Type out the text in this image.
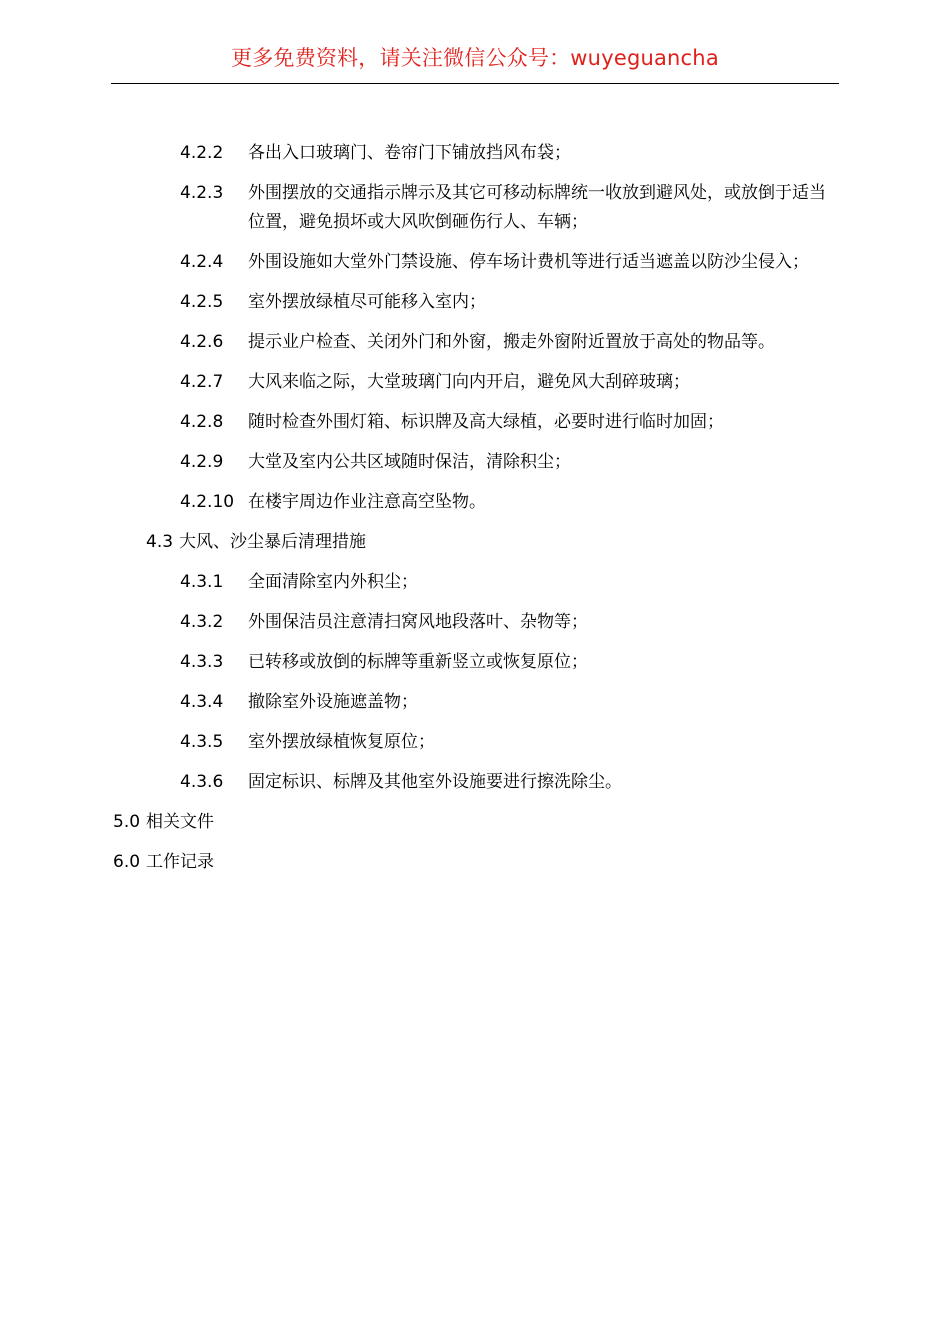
更多免费资料，请关注微信公众号：wuyeguancha
4.2.2 各出入口玻璃门、卷帘门下铺放挡风布袋；
4.2.3 外围摆放的交通指示牌示及其它可移动标牌统一收放到避风处，或放倒于适当位置，避免损坏或大风吹倒砸伤行人、车辆；
4.2.4 外围设施如大堂外门禁设施、停车场计费机等进行适当遮盖以防沙尘侵入；
4.2.5 室外摆放绿植尽可能移入室内；
4.2.6 提示业户检查、关闭外门和外窗，搬走外窗附近置放于高处的物品等。
4.2.7 大风来临之际，大堂玻璃门向内开启，避免风大刮碎玻璃；
4.2.8 随时检查外围灯箱、标识牌及高大绿植，必要时进行临时加固；
4.2.9 大堂及室内公共区域随时保洁，清除积尘；
4.2.10 在楼宇周边作业注意高空坠物。
4.3 大风、沙尘暴后清理措施
4.3.1 全面清除室内外积尘；
4.3.2 外围保洁员注意清扫窝风地段落叶、杂物等；
4.3.3 已转移或放倒的标牌等重新竖立或恢复原位；
4.3.4 撤除室外设施遮盖物；
4.3.5 室外摆放绿植恢复原位；
4.3.6 固定标识、标牌及其他室外设施要进行擦洗除尘。
5.0 相关文件
6.0 工作记录
